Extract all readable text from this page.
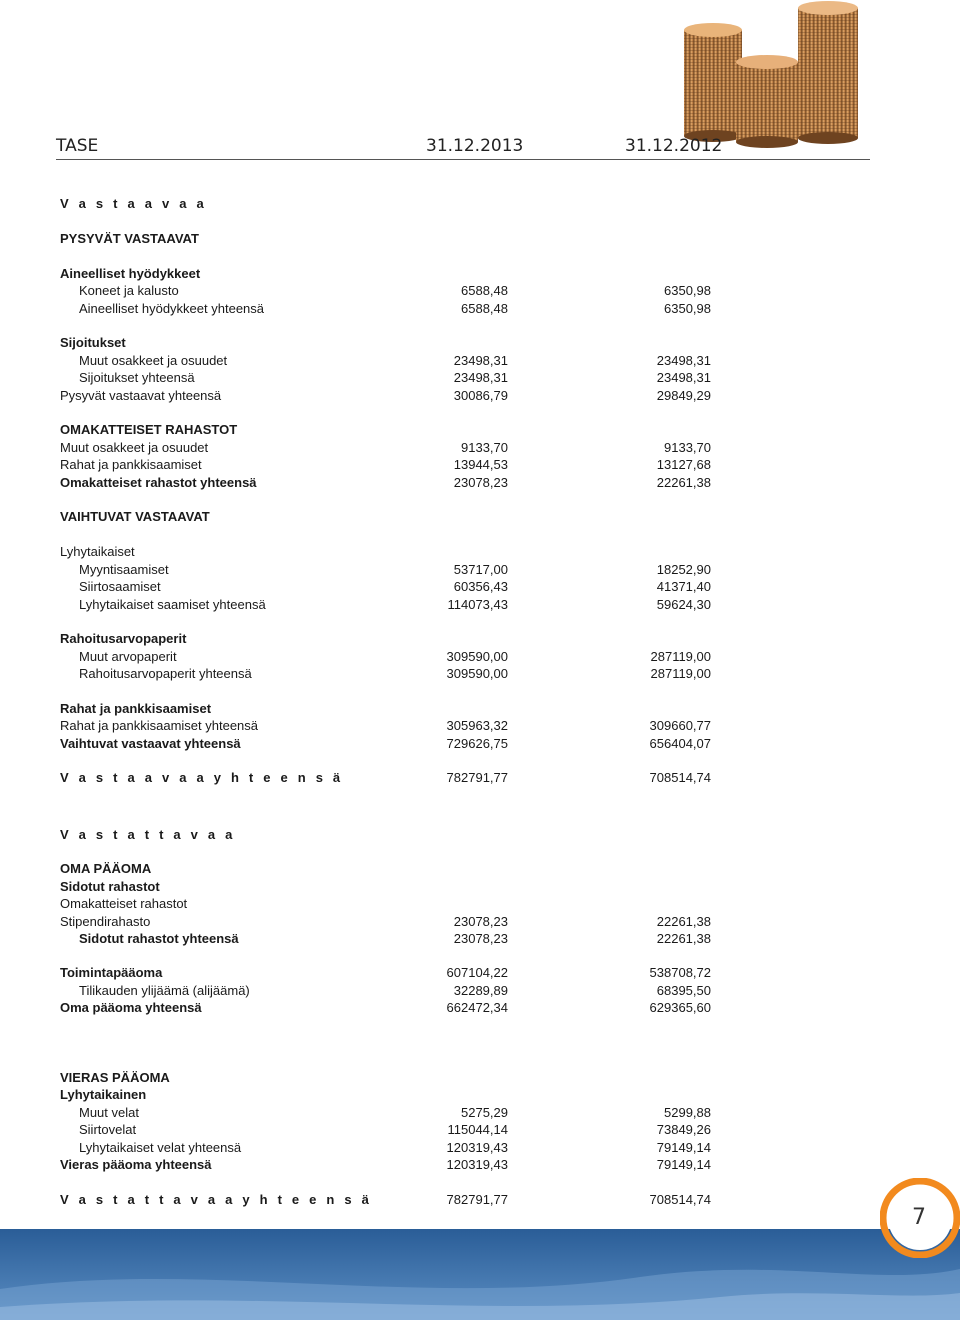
TASE	31.12.2013	31.12.2012
V a s t a a v a a
PYSYVÄT VASTAAVAT
Aineelliset hyödykkeet
Koneet ja kalusto	6588,48	6350,98
Aineelliset hyödykkeet yhteensä	6588,48	6350,98
Sijoitukset
Muut osakkeet ja osuudet	23498,31	23498,31
Sijoitukset yhteensä	23498,31	23498,31
Pysyvät vastaavat yhteensä	30086,79	29849,29
OMAKATTEISET RAHASTOT
Muut osakkeet ja osuudet	9133,70	9133,70
Rahat ja pankkisaamiset	13944,53	13127,68
Omakatteiset rahastot yhteensä	23078,23	22261,38
VAIHTUVAT VASTAAVAT
Lyhytaikaiset
Myyntisaamiset	53717,00	18252,90
Siirtosaamiset	60356,43	41371,40
Lyhytaikaiset saamiset yhteensä	114073,43	59624,30
Rahoitusarvopaperit
Muut arvopaperit	309590,00	287119,00
Rahoitusarvopaperit yhteensä	309590,00	287119,00
Rahat ja pankkisaamiset
Rahat ja pankkisaamiset yhteensä	305963,32	309660,77
Vaihtuvat vastaavat yhteensä	729626,75	656404,07
V a s t a a v a a y h t e e n s ä	782791,77	708514,74
V a s t a t t a v a a
OMA PÄÄOMA
Sidotut rahastot
Omakatteiset rahastot
Stipendirahasto	23078,23	22261,38
Sidotut rahastot yhteensä	23078,23	22261,38
Toimintapääoma	607104,22	538708,72
Tilikauden ylijäämä (alijäämä)	32289,89	68395,50
Oma pääoma yhteensä	662472,34	629365,60
VIERAS PÄÄOMA
Lyhytaikainen
Muut velat	5275,29	5299,88
Siirtovelat	115044,14	73849,26
Lyhytaikaiset velat yhteensä	120319,43	79149,14
Vieras pääoma yhteensä	120319,43	79149,14
V a s t a t t a v a a y h t e e n s ä	782791,77	708514,74
7
